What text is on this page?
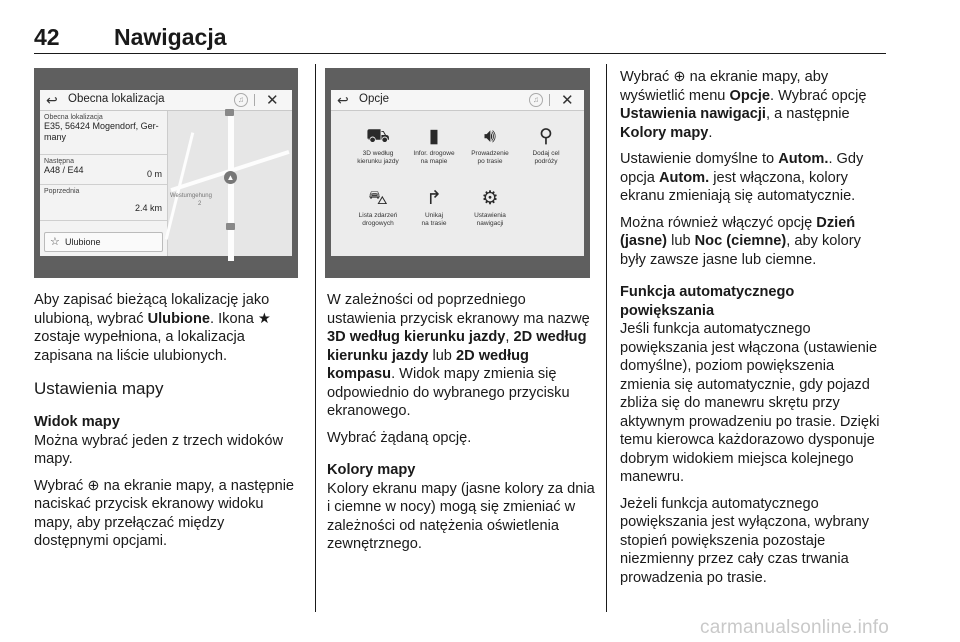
42 Nawigacja
↩ Obecna lokalizacja	♫ ✕
Obecna lokalizacja
E35, 56424 Mogendorf, Ger-
many
Następna
A48 / E44	0 m
Poprzednia
2.4 km
☆ Ulubione
▲
Westumgehung
2
↩ Opcje	♫ ✕
⛟
3D według
kierunku jazdy
▮
Infor. drogowe
na mapie
🔊︎
Prowadzenie
po trasie
⚲
Dodaj cel
podróży
⛍
Lista zdarzeń
drogowych
↱
Unikaj
na trasie
⚙
Ustawienia
nawigacji

Aby zapisać bieżącą lokalizację jako ulubioną, wybrać Ulubione. Ikona ★ zostaje wypełniona, a lokalizacja zapisana na liście ulubionych.

Ustawienia mapy
Widok mapy

Można wybrać jeden z trzech widoków mapy.

Wybrać ⊕ na ekranie mapy, a następnie naciskać przycisk ekranowy widoku mapy, aby przełączać między dostępnymi opcjami.

W zależności od poprzedniego ustawienia przycisk ekranowy ma nazwę 3D według kierunku jazdy, 2D według kierunku jazdy lub 2D według kompasu. Widok mapy zmienia się odpowiednio do wybranego przycisku ekranowego.

Wybrać żądaną opcję.

Kolory mapy

Kolory ekranu mapy (jasne kolory za dnia i ciemne w nocy) mogą się zmieniać w zależności od natężenia oświetlenia zewnętrznego.

Wybrać ⊕ na ekranie mapy, aby wyświetlić menu Opcje. Wybrać opcję Ustawienia nawigacji, a następnie Kolory mapy.

Ustawienie domyślne to Autom.. Gdy opcja Autom. jest włączona, kolory ekranu zmieniają się automatycznie.

Można również włączyć opcję Dzień (jasne) lub Noc (ciemne), aby kolory były zawsze jasne lub ciemne.

Funkcja automatycznego powiększania

Jeśli funkcja automatycznego powiększania jest włączona (ustawienie domyślne), poziom powiększenia zmienia się automatycznie, gdy pojazd zbliża się do manewru skrętu przy aktywnym prowadzeniu po trasie. Dzięki temu kierowca każdorazowo dysponuje dobrym widokiem miejsca kolejnego manewru.

Jeżeli funkcja automatycznego powiększania jest wyłączona, wybrany stopień powiększenia pozostaje niezmienny przez cały czas trwania prowadzenia po trasie.

carmanualsonline.info
